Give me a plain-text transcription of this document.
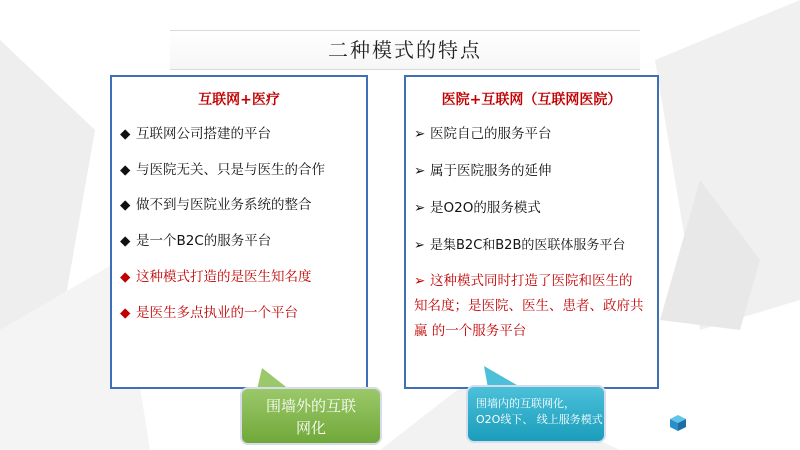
二种模式的特点
互联网+医疗
◆ 互联网公司搭建的平台
◆ 与医院无关、只是与医生的合作
◆ 做不到与医院业务系统的整合
◆ 是一个B2C的服务平台
◆ 这种模式打造的是医生知名度
◆ 是医生多点执业的一个平台
医院+互联网（互联网医院）
➢ 医院自己的服务平台
➢ 属于医院服务的延伸
➢ 是O2O的服务模式
➢ 是集B2C和B2B的医联体服务平台
➢ 这种模式同时打造了医院和医生的 知名度；是医院、医生、患者、政府共赢 的一个服务平台
围墙外的互联
网化
围墙内的互联网化，
O2O线下、 线上服务模式
